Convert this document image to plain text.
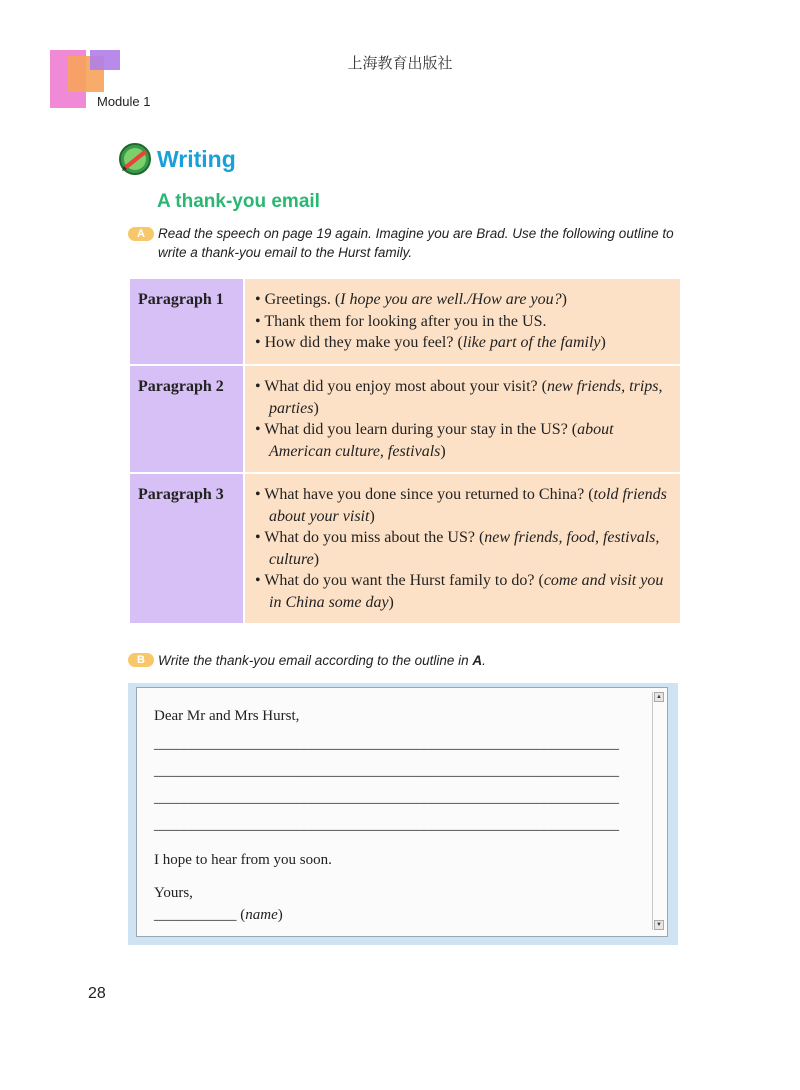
上海教育出版社
Module 1
Writing
A thank-you email
A Read the speech on page 19 again. Imagine you are Brad. Use the following outline to write a thank-you email to the Hurst family.
Paragraph 1	• Greetings. (I hope you are well./How are you?)
• Thank them for looking after you in the US.
• How did they make you feel? (like part of the family)

Paragraph 2	• What did you enjoy most about your visit? (new friends, trips, parties)
• What did you learn during your stay in the US? (about American culture, festivals)

Paragraph 3	• What have you done since you returned to China? (told friends about your visit)
• What do you miss about the US? (new friends, food, festivals, culture)
• What do you want the Hurst family to do? (come and visit you in China some day)
B Write the thank-you email according to the outline in A.
Dear Mr and Mrs Hurst,
______________________________________________________________
______________________________________________________________
______________________________________________________________
______________________________________________________________
I hope to hear from you soon.
Yours,
___________ (name)
▲
▼
28
